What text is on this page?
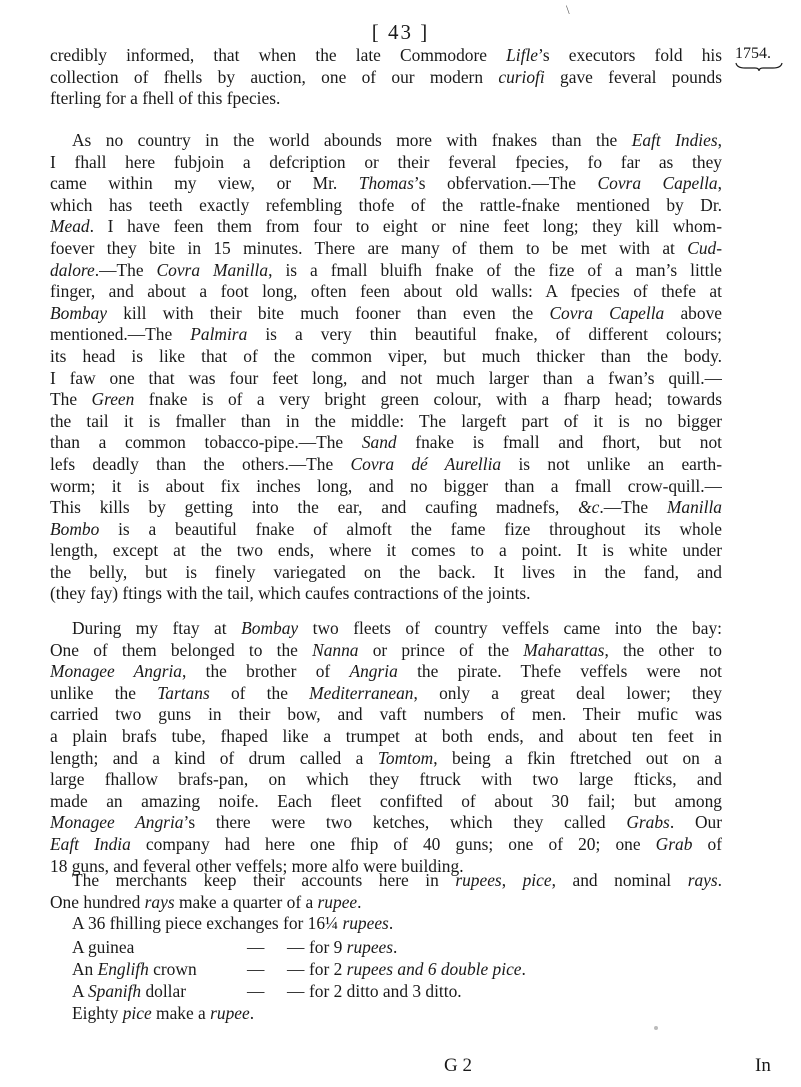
\
[ 43 ]
1754.
credibly informed, that when the late Commodore Lifle’s executors fold his
collection of fhells by auction, one of our modern curiofi gave feveral pounds
fterling for a fhell of this fpecies.
As no country in the world abounds more with fnakes than the Eaft Indies,
I fhall here fubjoin a defcription or their feveral fpecies, fo far as they
came within my view, or Mr. Thomas’s obfervation.—The Covra Capella,
which has teeth exactly refembling thofe of the rattle-fnake mentioned by Dr.
Mead. I have feen them from four to eight or nine feet long; they kill whom-
foever they bite in 15 minutes. There are many of them to be met with at Cud-
dalore.—The Covra Manilla, is a fmall bluifh fnake of the fize of a man’s little
finger, and about a foot long, often feen about old walls: A fpecies of thefe at
Bombay kill with their bite much fooner than even the Covra Capella above
mentioned.—The Palmira is a very thin beautiful fnake, of different colours;
its head is like that of the common viper, but much thicker than the body.
I faw one that was four feet long, and not much larger than a fwan’s quill.—
The Green fnake is of a very bright green colour, with a fharp head; towards
the tail it is fmaller than in the middle: The largeft part of it is no bigger
than a common tobacco-pipe.—The Sand fnake is fmall and fhort, but not
lefs deadly than the others.—The Covra dé Aurellia is not unlike an earth-
worm; it is about fix inches long, and no bigger than a fmall crow-quill.—
This kills by getting into the ear, and caufing madnefs, &c.—The Manilla
Bombo is a beautiful fnake of almoft the fame fize throughout its whole
length, except at the two ends, where it comes to a point. It is white under
the belly, but is finely variegated on the back. It lives in the fand, and
(they fay) ftings with the tail, which caufes contractions of the joints.
During my ftay at Bombay two fleets of country veffels came into the bay:
One of them belonged to the Nanna or prince of the Maharattas, the other to
Monagee Angria, the brother of Angria the pirate. Thefe veffels were not
unlike the Tartans of the Mediterranean, only a great deal lower; they
carried two guns in their bow, and vaft numbers of men. Their mufic was
a plain brafs tube, fhaped like a trumpet at both ends, and about ten feet in
length; and a kind of drum called a Tomtom, being a fkin ftretched out on a
large fhallow brafs-pan, on which they ftruck with two large fticks, and
made an amazing noife. Each fleet confifted of about 30 fail; but among
Monagee Angria’s there were two ketches, which they called Grabs. Our
Eaft India company had here one fhip of 40 guns; one of 20; one Grab of
18 guns, and feveral other veffels; more alfo were building.
The merchants keep their accounts here in rupees, pice, and nominal rays.
One hundred rays make a quarter of a rupee.
A 36 fhilling piece exchanges for 16¼ rupees.
A guinea	—	— for 9 rupees.
An Englifh crown	—	— for 2 rupees and 6 double pice.
A Spanifh dollar	—	— for 2 ditto and 3 ditto.
Eighty pice make a rupee.
G 2	In
